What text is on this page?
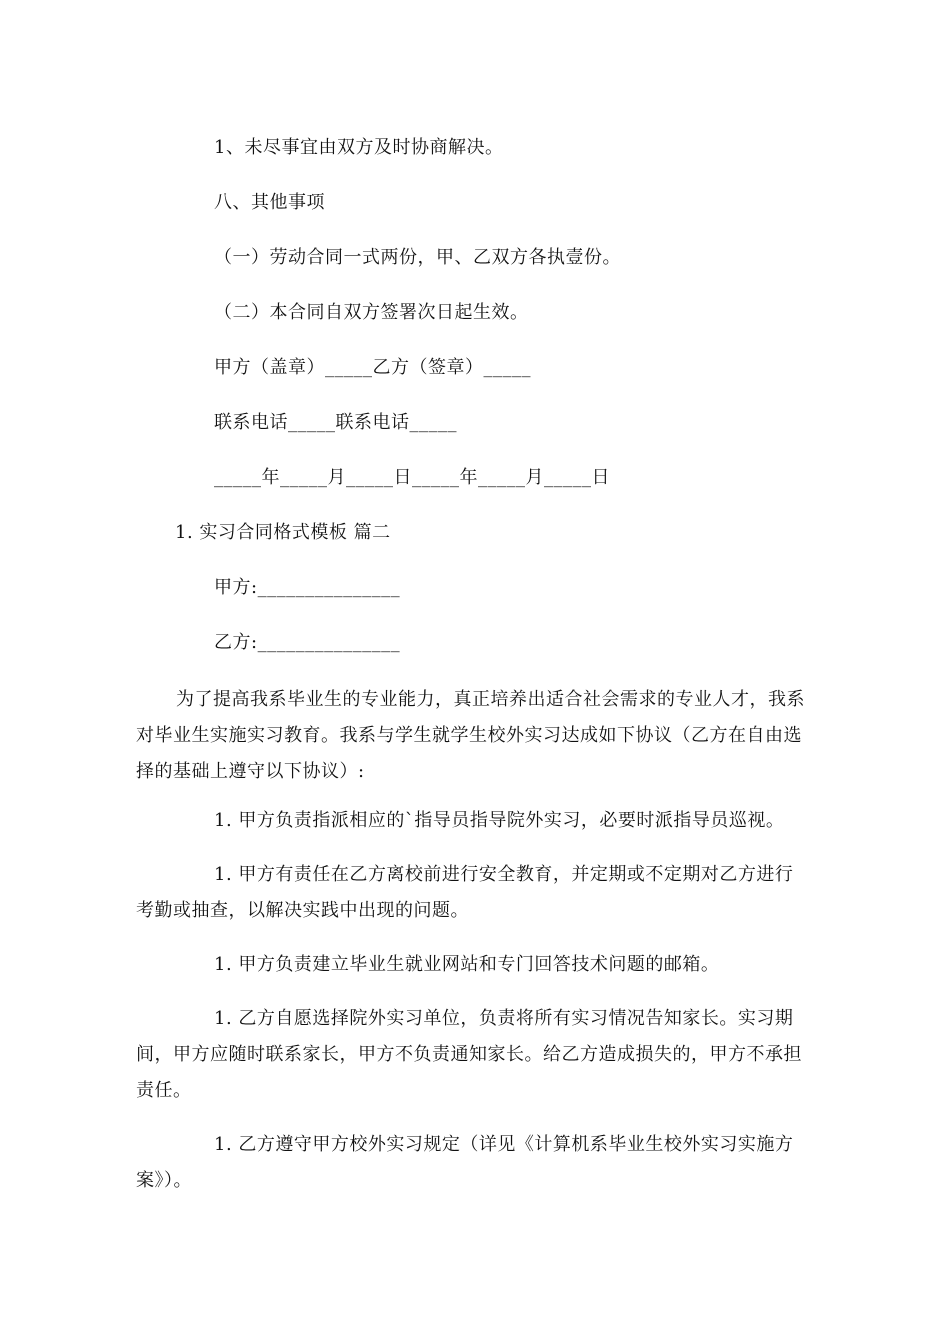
1、未尽事宜由双方及时协商解决。
八、其他事项
（一）劳动合同一式两份，甲、乙双方各执壹份。
（二）本合同自双方签署次日起生效。
甲方（盖章）_____乙方（签章）_____
联系电话_____联系电话_____
_____年_____月_____日_____年_____月_____日
1. 实习合同格式模板 篇二
甲方:_______________
乙方:_______________
为了提高我系毕业生的专业能力，真正培养出适合社会需求的专业人才，我系对毕业生实施实习教育。我系与学生就学生校外实习达成如下协议（乙方在自由选择的基础上遵守以下协议）:
1. 甲方负责指派相应的`指导员指导院外实习，必要时派指导员巡视。
1. 甲方有责任在乙方离校前进行安全教育，并定期或不定期对乙方进行考勤或抽查，以解决实践中出现的问题。
1. 甲方负责建立毕业生就业网站和专门回答技术问题的邮箱。
1. 乙方自愿选择院外实习单位，负责将所有实习情况告知家长。实习期间，甲方应随时联系家长，甲方不负责通知家长。给乙方造成损失的，甲方不承担责任。
1. 乙方遵守甲方校外实习规定（详见《计算机系毕业生校外实习实施方案》）。
